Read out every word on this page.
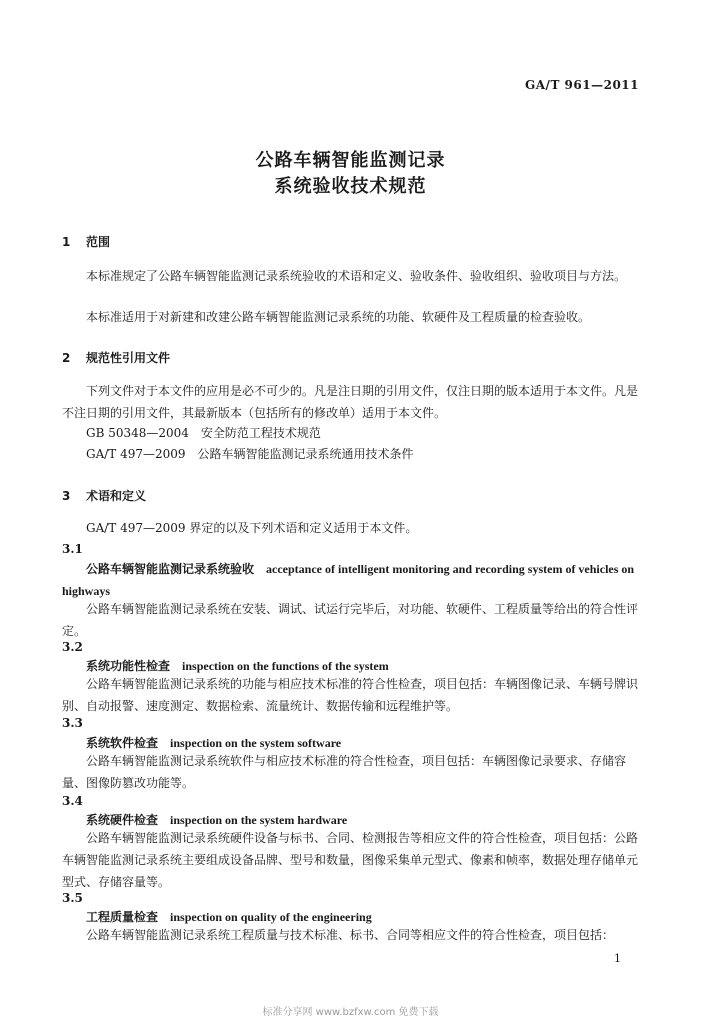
GA/T 961—2011
公路车辆智能监测记录
系统验收技术规范
1 范围
本标准规定了公路车辆智能监测记录系统验收的术语和定义、验收条件、验收组织、验收项目与方法。
本标准适用于对新建和改建公路车辆智能监测记录系统的功能、软硬件及工程质量的检查验收。
2 规范性引用文件
下列文件对于本文件的应用是必不可少的。凡是注日期的引用文件，仅注日期的版本适用于本文件。凡是不注日期的引用文件，其最新版本（包括所有的修改单）适用于本文件。
GB 50348—2004　安全防范工程技术规范
GA/T 497—2009　公路车辆智能监测记录系统通用技术条件
3 术语和定义
GA/T 497—2009 界定的以及下列术语和定义适用于本文件。
3.1
公路车辆智能监测记录系统验收　 acceptance of intelligent monitoring and recording system of vehicles on highways
公路车辆智能监测记录系统在安装、调试、试运行完毕后，对功能、软硬件、工程质量等给出的符合性评定。
3.2
系统功能性检查　 inspection on the functions of the system
公路车辆智能监测记录系统的功能与相应技术标准的符合性检查，项目包括：车辆图像记录、车辆号牌识别、自动报警、速度测定、数据检索、流量统计、数据传输和远程维护等。
3.3
系统软件检查　 inspection on the system software
公路车辆智能监测记录系统软件与相应技术标准的符合性检查，项目包括：车辆图像记录要求、存储容量、图像防篡改功能等。
3.4
系统硬件检查　 inspection on the system hardware
公路车辆智能监测记录系统硬件设备与标书、合同、检测报告等相应文件的符合性检查，项目包括：公路车辆智能监测记录系统主要组成设备品牌、型号和数量，图像采集单元型式、像素和帧率，数据处理存储单元型式、存储容量等。
3.5
工程质量检查　 inspection on quality of the engineering
公路车辆智能监测记录系统工程质量与技术标准、标书、合同等相应文件的符合性检查，项目包括：
1
标准分享网 www.bzfxw.com 免费下载
